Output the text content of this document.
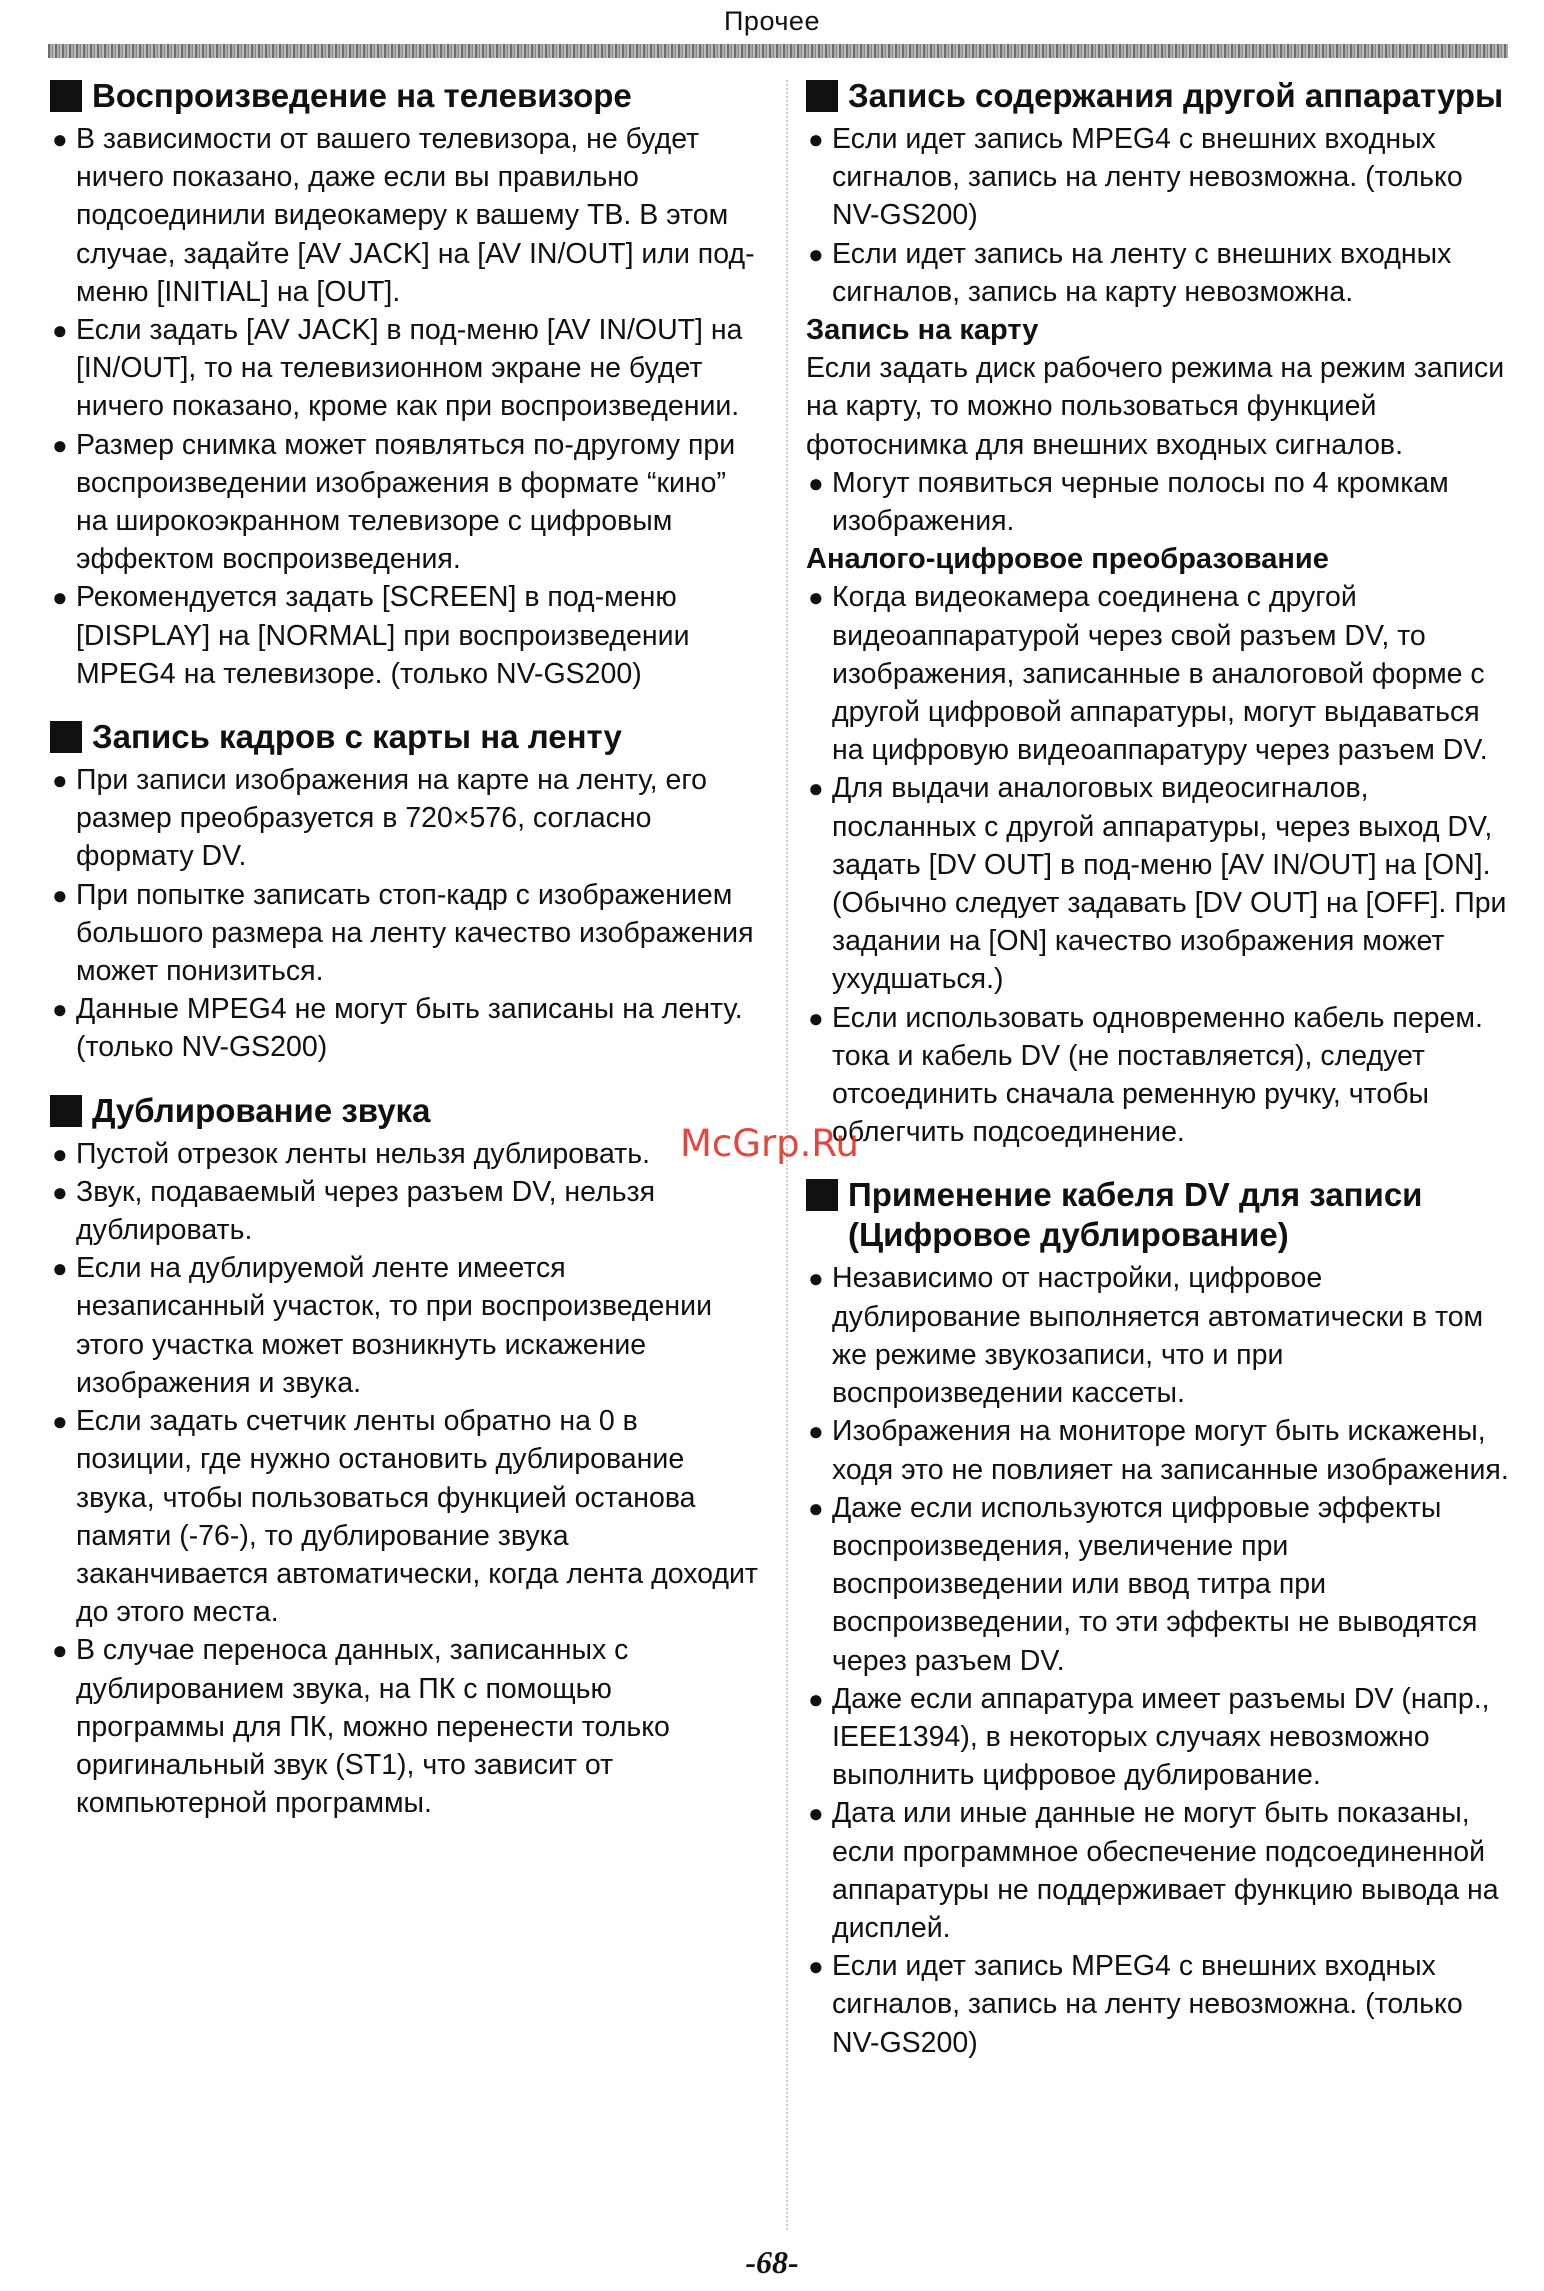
Прочее
Воспроизведение на телевизоре
● В зависимости от вашего телевизора, не будет ничего показано, даже если вы правильно подсоединили видеокамеру к вашему ТВ. В этом случае, задайте [AV JACK] на [AV IN/OUT] или под-меню [INITIAL] на [OUT].
● Если задать [AV JACK] в под-меню [AV IN/OUT] на [IN/OUT], то на телевизионном экране не будет ничего показано, кроме как при воспроизведении.
● Размер снимка может появляться по-другому при воспроизведении изображения в формате “кино” на широкоэкранном телевизоре с цифровым эффектом воспроизведения.
● Рекомендуется задать [SCREEN] в под-меню [DISPLAY] на [NORMAL] при воспроизведении MPEG4 на телевизоре. (только NV-GS200)
Запись кадров с карты на ленту
● При записи изображения на карте на ленту, его размер преобразуется в 720×576, согласно формату DV.
● При попытке записать стоп-кадр с изображением большого размера на ленту качество изображения может понизиться.
● Данные MPEG4 не могут быть записаны на ленту. (только NV-GS200)
Дублирование звука
● Пустой отрезок ленты нельзя дублировать.
● Звук, подаваемый через разъем DV, нельзя дублировать.
● Если на дублируемой ленте имеется незаписанный участок, то при воспроизведении этого участка может возникнуть искажение изображения и звука.
● Если задать счетчик ленты обратно на 0 в позиции, где нужно остановить дублирование звука, чтобы пользоваться функцией останова памяти (-76-), то дублирование звука заканчивается автоматически, когда лента доходит до этого места.
● В случае переноса данных, записанных с дублированием звука, на ПК с помощью программы для ПК, можно перенести только оригинальный звук (ST1), что зависит от компьютерной программы.
Запись содержания другой аппаратуры
● Если идет запись MPEG4 с внешних входных сигналов, запись на ленту невозможна. (только NV-GS200)
● Если идет запись на ленту с внешних входных сигналов, запись на карту невозможна.

Запись на карту

Если задать диск рабочего режима на режим записи на карту, то можно пользоваться функцией фотоснимка для внешних входных сигналов.

● Могут появиться черные полосы по 4 кромкам изображения.

Аналого-цифровое преобразование

● Когда видеокамера соединена с другой видеоаппаратурой через свой разъем DV, то изображения, записанные в аналоговой форме с другой цифровой аппаратуры, могут выдаваться на цифровую видеоаппаратуру через разъем DV.
● Для выдачи аналоговых видеосигналов, посланных с другой аппаратуры, через выход DV, задать [DV OUT] в под-меню [AV IN/OUT] на [ON]. (Обычно следует задавать [DV OUT] на [OFF]. При задании на [ON] качество изображения может ухудшаться.)
● Если использовать одновременно кабель перем. тока и кабель DV (не поставляется), следует отсоединить сначала ременную ручку, чтобы облегчить подсоединение.
Применение кабеля DV для записи (Цифровое дублирование)
● Независимо от настройки, цифровое дублирование выполняется автоматически в том же режиме звукозаписи, что и при воспроизведении кассеты.
● Изображения на мониторе могут быть искажены, ходя это не повлияет на записанные изображения.
● Даже если используются цифровые эффекты воспроизведения, увеличение при воспроизведении или ввод титра при воспроизведении, то эти эффекты не выводятся через разъем DV.
● Даже если аппаратура имеет разъемы DV (напр., IEEE1394), в некоторых случаях невозможно выполнить цифровое дублирование.
● Дата или иные данные не могут быть показаны, если программное обеспечение подсоединенной аппаратуры не поддерживает функцию вывода на дисплей.
● Если идет запись MPEG4 с внешних входных сигналов, запись на ленту невозможна. (только NV-GS200)
McGrp.Ru
-68-
